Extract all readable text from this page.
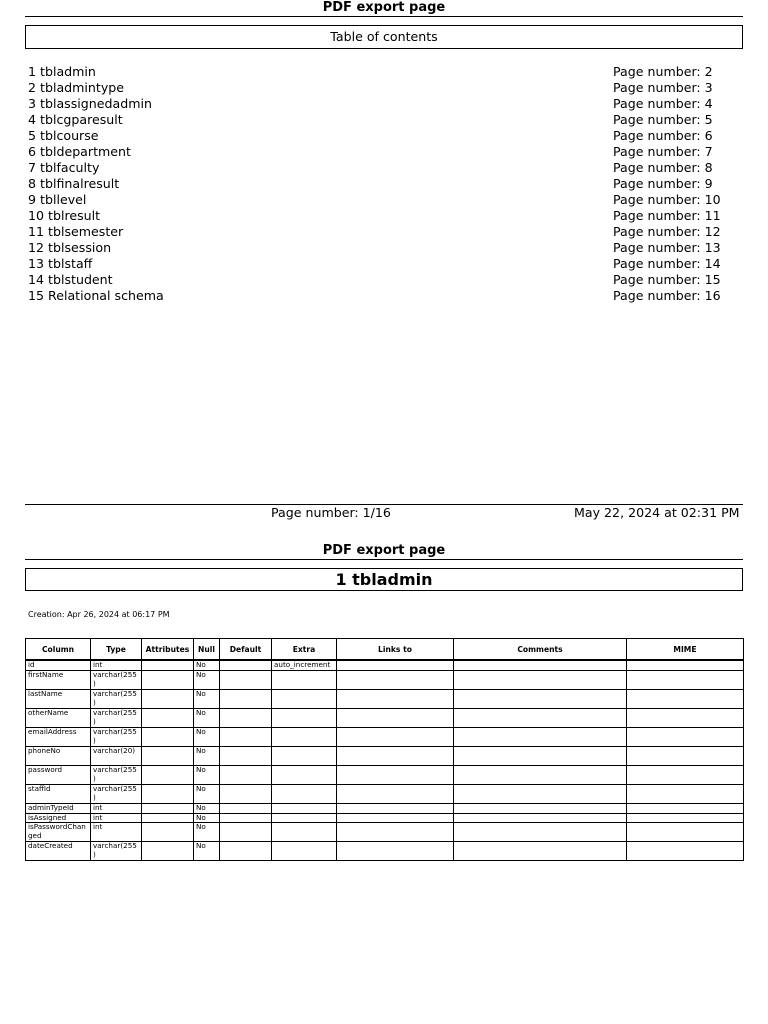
PDF export page
Table of contents
1 tbladmin	Page number: 2
2 tbladmintype	Page number: 3
3 tblassignedadmin	Page number: 4
4 tblcgparesult	Page number: 5
5 tblcourse	Page number: 6
6 tbldepartment	Page number: 7
7 tblfaculty	Page number: 8
8 tblfinalresult	Page number: 9
9 tbllevel	Page number: 10
10 tblresult	Page number: 11
11 tblsemester	Page number: 12
12 tblsession	Page number: 13
13 tblstaff	Page number: 14
14 tblstudent	Page number: 15
15 Relational schema	Page number: 16
Page number: 1/16	May 22, 2024 at 02:31 PM
PDF export page
1 tbladmin
Creation: Apr 26, 2024 at 06:17 PM
Column	Type	Attributes	Null	Default	Extra	Links to	Comments	MIME
id	int		No		auto_increment			
firstName	varchar(255 )		No					
lastName	varchar(255 )		No					
otherName	varchar(255 )		No					
emailAddress	varchar(255 )		No					
phoneNo	varchar(20)		No					
password	varchar(255 )		No					
staffId	varchar(255 )		No					
adminTypeId	int		No					
isAssigned	int		No					
isPasswordChanged	int		No					
dateCreated	varchar(255 )		No					
